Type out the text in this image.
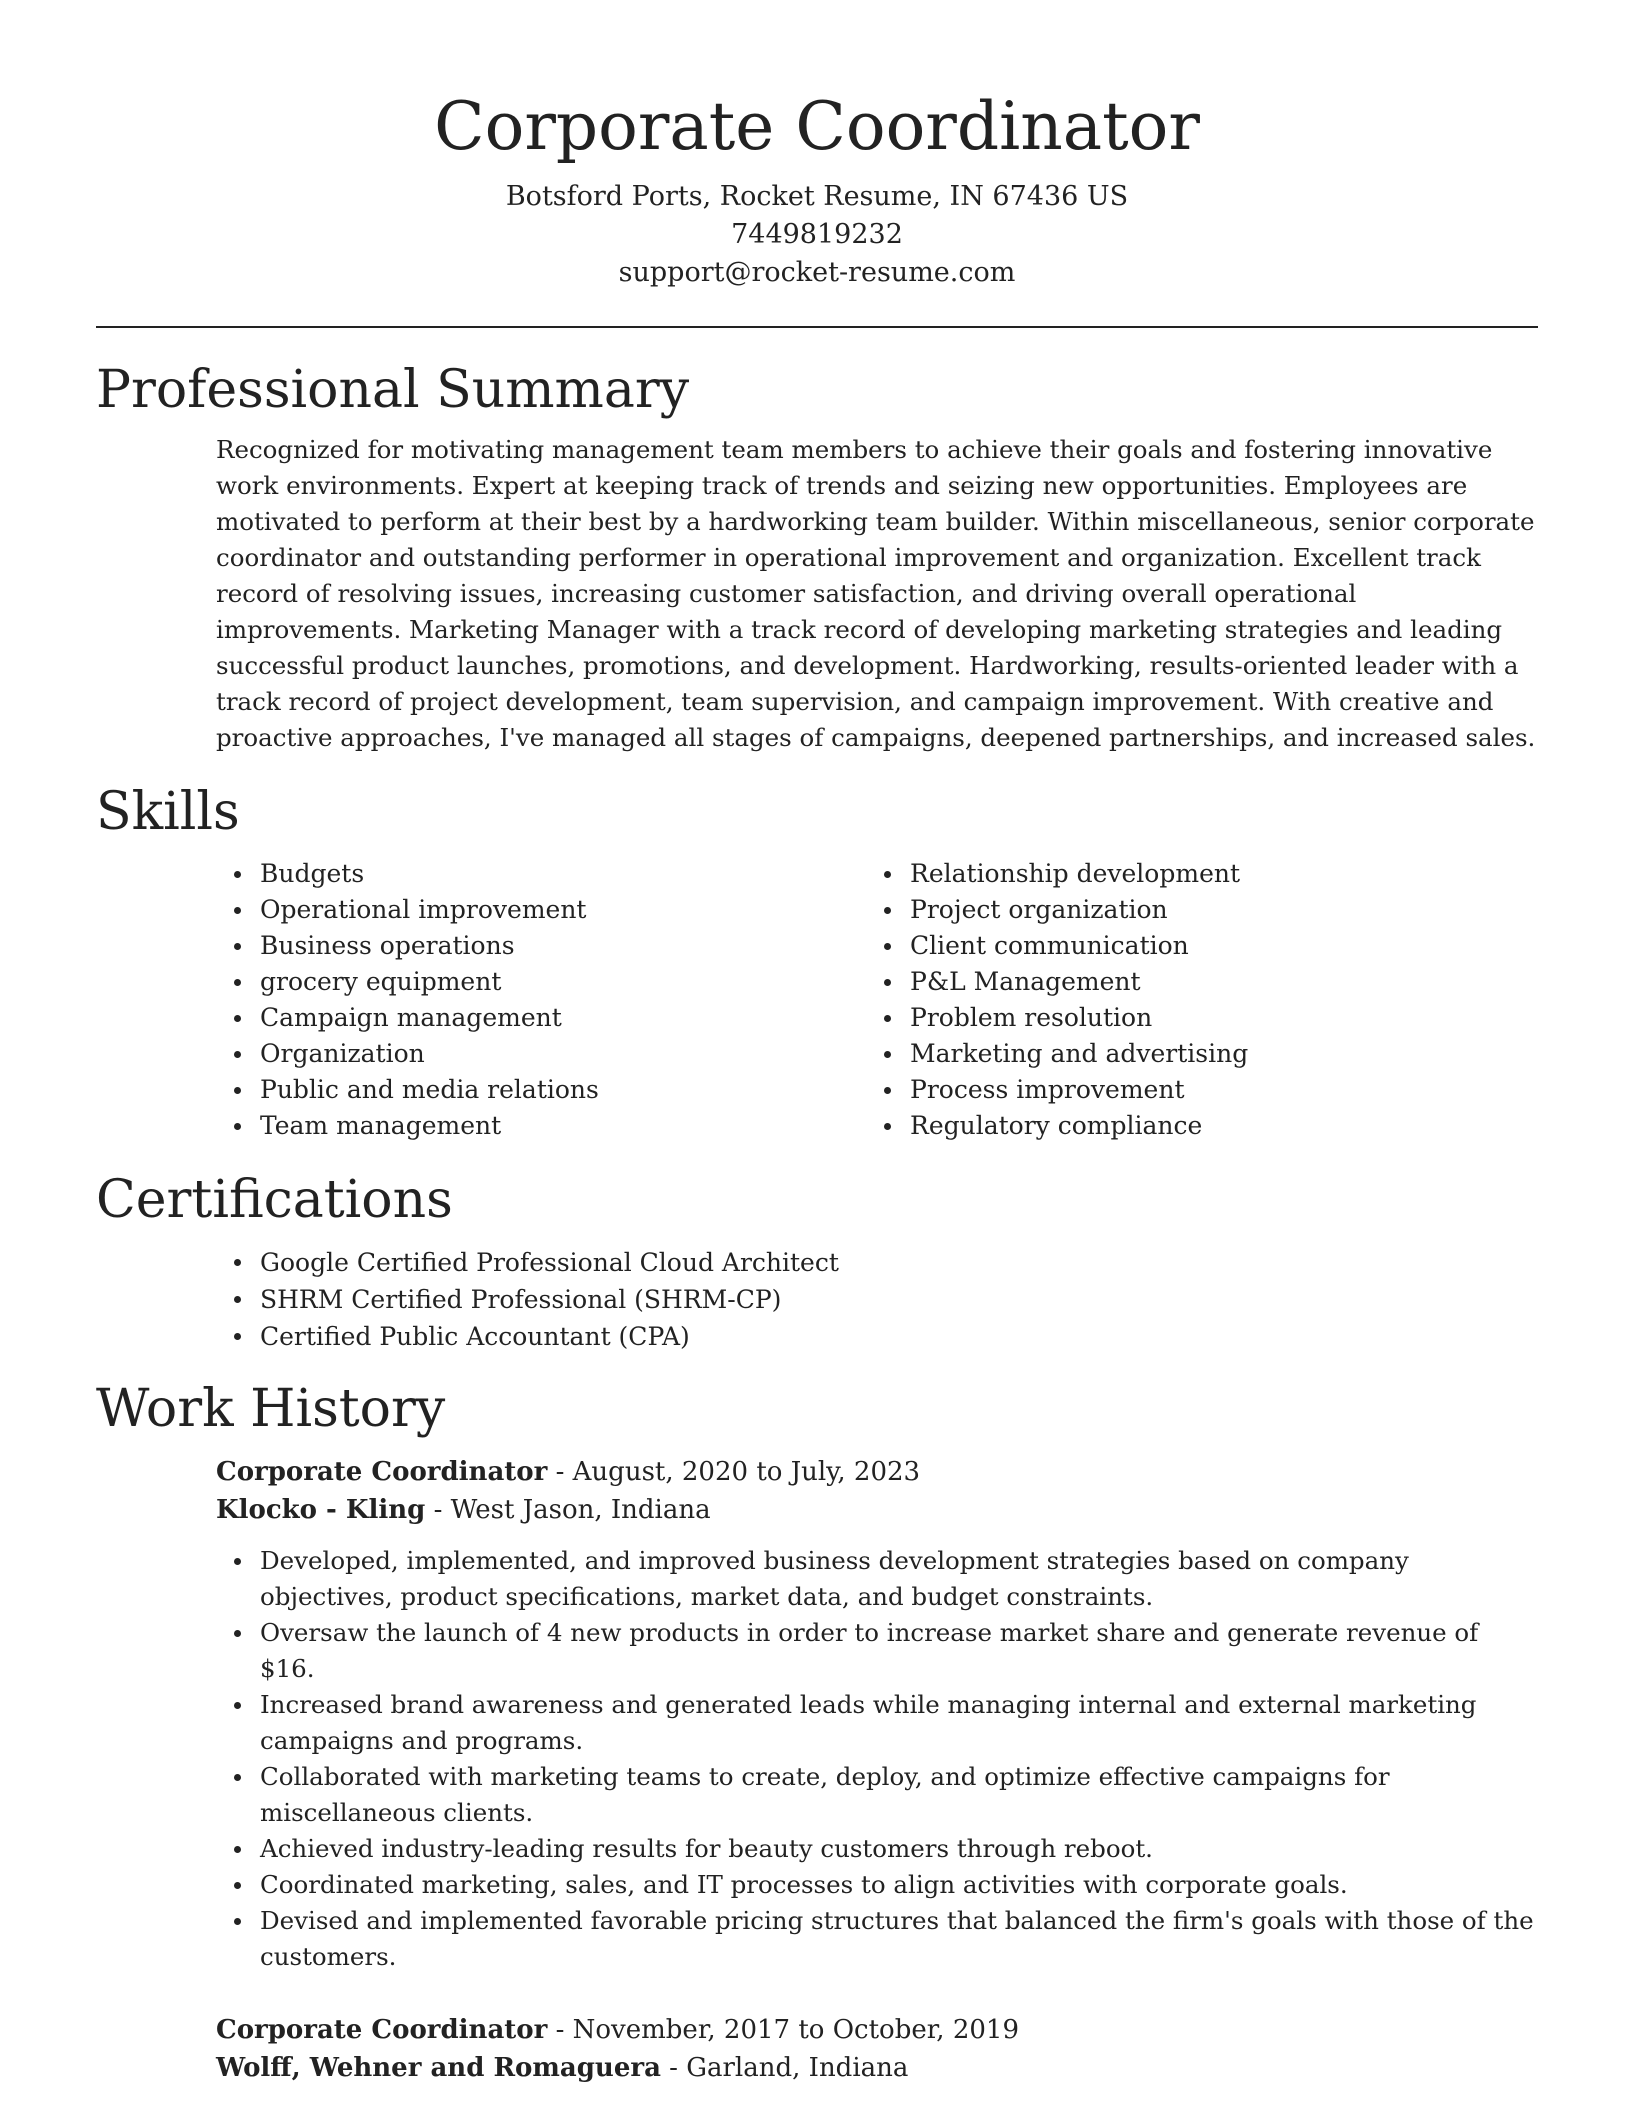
Corporate Coordinator
Botsford Ports, Rocket Resume, IN 67436 US
7449819232
support@rocket-resume.com
Professional Summary

Recognized for motivating management team members to achieve their goals and fostering innovative work environments. Expert at keeping track of trends and seizing new opportunities. Employees are motivated to perform at their best by a hardworking team builder. Within miscellaneous, senior corporate coordinator and outstanding performer in operational improvement and organization. Excellent track record of resolving issues, increasing customer satisfaction, and driving overall operational improvements. Marketing Manager with a track record of developing marketing strategies and leading successful product launches, promotions, and development. Hardworking, results-oriented leader with a track record of project development, team supervision, and campaign improvement. With creative and proactive approaches, I've managed all stages of campaigns, deepened partnerships, and increased sales.

Skills
Budgets
Operational improvement
Business operations
grocery equipment
Campaign management
Organization
Public and media relations
Team management
Relationship development
Project organization
Client communication
P&L Management
Problem resolution
Marketing and advertising
Process improvement
Regulatory compliance
Certifications
Google Certified Professional Cloud Architect
SHRM Certified Professional (SHRM-CP)
Certified Public Accountant (CPA)
Work History
Corporate Coordinator - August, 2020 to July, 2023
Klocko - Kling - West Jason, Indiana
Developed, implemented, and improved business development strategies based on company objectives, product specifications, market data, and budget constraints.
Oversaw the launch of 4 new products in order to increase market share and generate revenue of $16.
Increased brand awareness and generated leads while managing internal and external marketing campaigns and programs.
Collaborated with marketing teams to create, deploy, and optimize effective campaigns for miscellaneous clients.
Achieved industry-leading results for beauty customers through reboot.
Coordinated marketing, sales, and IT processes to align activities with corporate goals.
Devised and implemented favorable pricing structures that balanced the firm's goals with those of the customers.
Corporate Coordinator - November, 2017 to October, 2019
Wolff, Wehner and Romaguera - Garland, Indiana
